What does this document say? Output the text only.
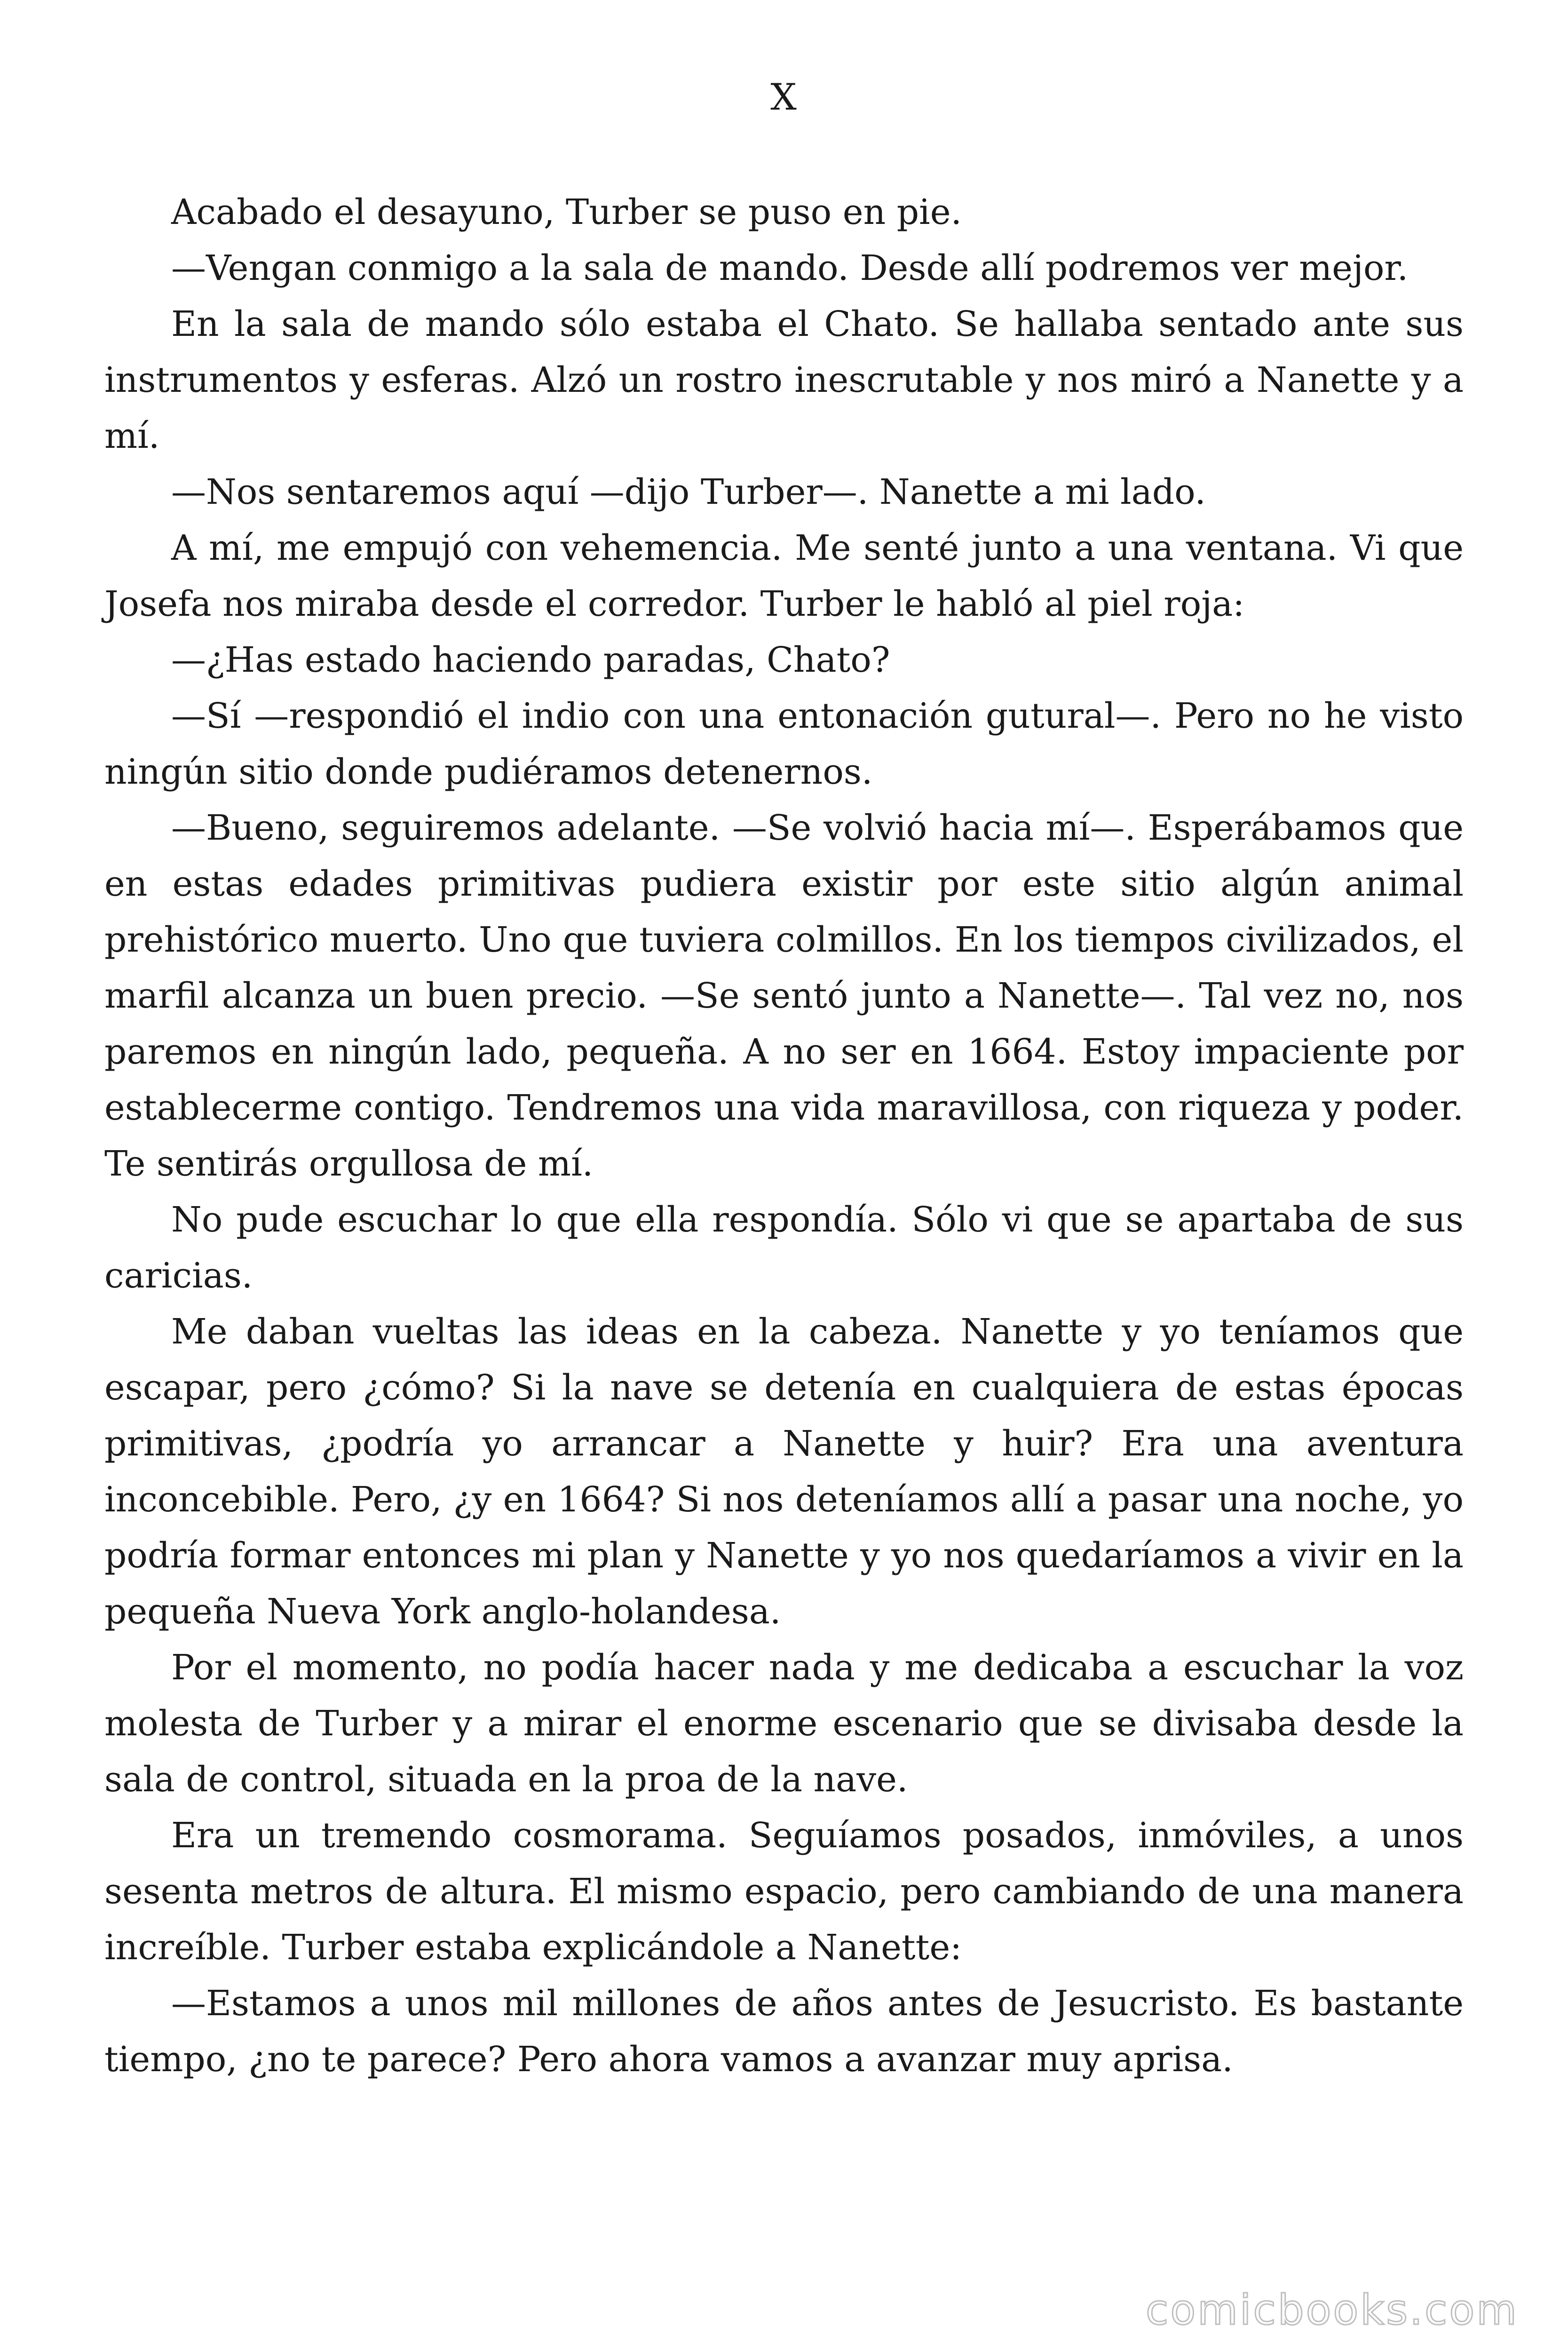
X

Acabado el desayuno, Turber se puso en pie.

—Vengan conmigo a la sala de mando. Desde allí podremos ver mejor.

En la sala de mando sólo estaba el Chato. Se hallaba sentado ante sus instrumentos y esferas. Alzó un rostro inescrutable y nos miró a Nanette y a mí.

—Nos sentaremos aquí —dijo Turber—. Nanette a mi lado.

A mí, me empujó con vehemencia. Me senté junto a una ventana. Vi que Josefa nos miraba desde el corredor. Turber le habló al piel roja:

—¿Has estado haciendo paradas, Chato?

—Sí —respondió el indio con una entonación gutural—. Pero no he visto ningún sitio donde pudiéramos detenernos.

—Bueno, seguiremos adelante. —Se volvió hacia mí—. Esperábamos que en estas edades primitivas pudiera existir por este sitio algún animal prehistórico muerto. Uno que tuviera colmillos. En los tiempos civilizados, el marfil alcanza un buen precio. —Se sentó junto a Nanette—. Tal vez no, nos paremos en ningún lado, pequeña. A no ser en 1664. Estoy impaciente por establecerme contigo. Tendremos una vida maravillosa, con riqueza y poder. Te sentirás orgullosa de mí.

No pude escuchar lo que ella respondía. Sólo vi que se apartaba de sus caricias.

Me daban vueltas las ideas en la cabeza. Nanette y yo teníamos que escapar, pero ¿cómo? Si la nave se detenía en cualquiera de estas épocas primitivas, ¿podría yo arrancar a Nanette y huir? Era una aventura inconcebible. Pero, ¿y en 1664? Si nos deteníamos allí a pasar una noche, yo podría formar entonces mi plan y Nanette y yo nos quedaríamos a vivir en la pequeña Nueva York anglo-holandesa.

Por el momento, no podía hacer nada y me dedicaba a escuchar la voz molesta de Turber y a mirar el enorme escenario que se divisaba desde la sala de control, situada en la proa de la nave.

Era un tremendo cosmorama. Seguíamos posados, inmóviles, a unos sesenta metros de altura. El mismo espacio, pero cambiando de una manera increíble. Turber estaba explicándole a Nanette:

—Estamos a unos mil millones de años antes de Jesucristo. Es bastante tiempo, ¿no te parece? Pero ahora vamos a avanzar muy aprisa.

comicbooks.com
